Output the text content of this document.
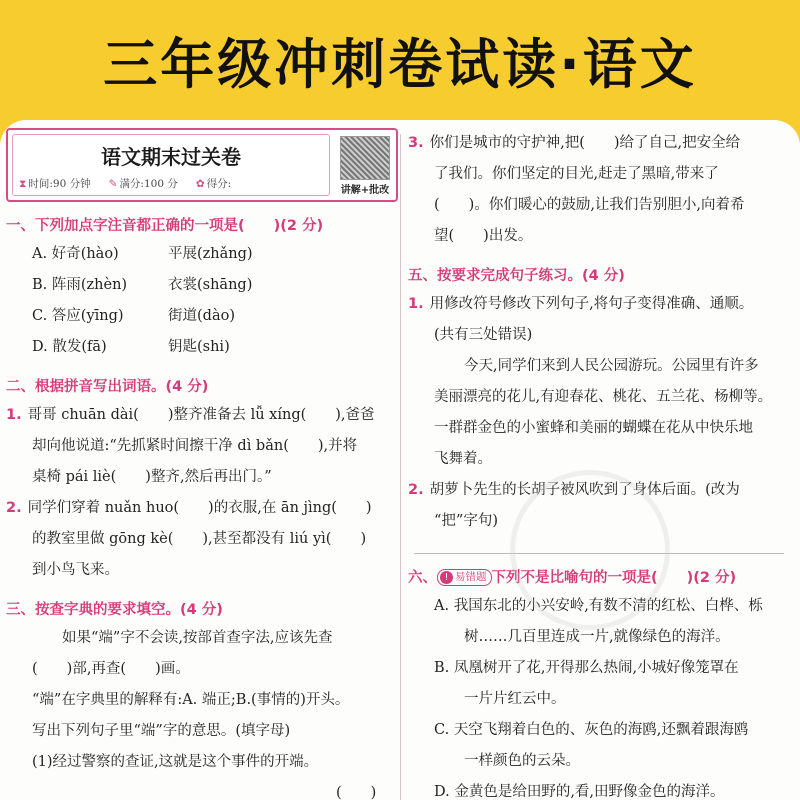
三年级冲刺卷试读·语文
语文期末过关卷
⧗ 时间:90 分钟 ✎ 满分:100 分 ✿ 得分:
讲解+批改
一、下列加点字注音都正确的一项是(　　)(2 分)
A. 好奇(hào)	平展(zhǎng)
B. 阵雨(zhèn)	衣裳(shāng)
C. 答应(yīng)	街道(dào)
D. 散发(fā)	钥匙(shi)
二、根据拼音写出词语。(4 分)
1. 哥哥 chuān dài(　　)整齐准备去 lǚ xíng(　　),爸爸
却向他说道:“先抓紧时间擦干净 dì bǎn(　　),并将
桌椅 pái liè(　　)整齐,然后再出门。”
2. 同学们穿着 nuǎn huo(　　)的衣服,在 ān jìng(　　)
的教室里做 gōng kè(　　),甚至都没有 liú yì(　　)
到小鸟飞来。
三、按查字典的要求填空。(4 分)
如果“端”字不会读,按部首查字法,应该先查
(　　)部,再查(　　)画。
“端”在字典里的解释有:A. 端正;B.(事情的)开头。
写出下列句子里“端”字的意思。(填字母)
(1)经过警察的查证,这就是这个事件的开端。
(　　)
3. 你们是城市的守护神,把(　　)给了自己,把安全给
了我们。你们坚定的目光,赶走了黑暗,带来了
(　　)。你们暖心的鼓励,让我们告别胆小,向着希
望(　　)出发。
五、按要求完成句子练习。(4 分)
1. 用修改符号修改下列句子,将句子变得准确、通顺。
(共有三处错误)
今天,同学们来到人民公园游玩。公园里有许多
美丽漂亮的花儿,有迎春花、桃花、五兰花、杨柳等。
一群群金色的小蜜蜂和美丽的蝴蝶在花从中快乐地
飞舞着。
2. 胡萝卜先生的长胡子被风吹到了身体后面。(改为
“把”字句)
六、 ! 易错题 下列不是比喻句的一项是(　　)(2 分)
A. 我国东北的小兴安岭,有数不清的红松、白桦、栎
树……几百里连成一片,就像绿色的海洋。
B. 凤凰树开了花,开得那么热闹,小城好像笼罩在
一片片红云中。
C. 天空飞翔着白色的、灰色的海鸥,还飘着跟海鸥
一样颜色的云朵。
D. 金黄色是给田野的,看,田野像金色的海洋。
